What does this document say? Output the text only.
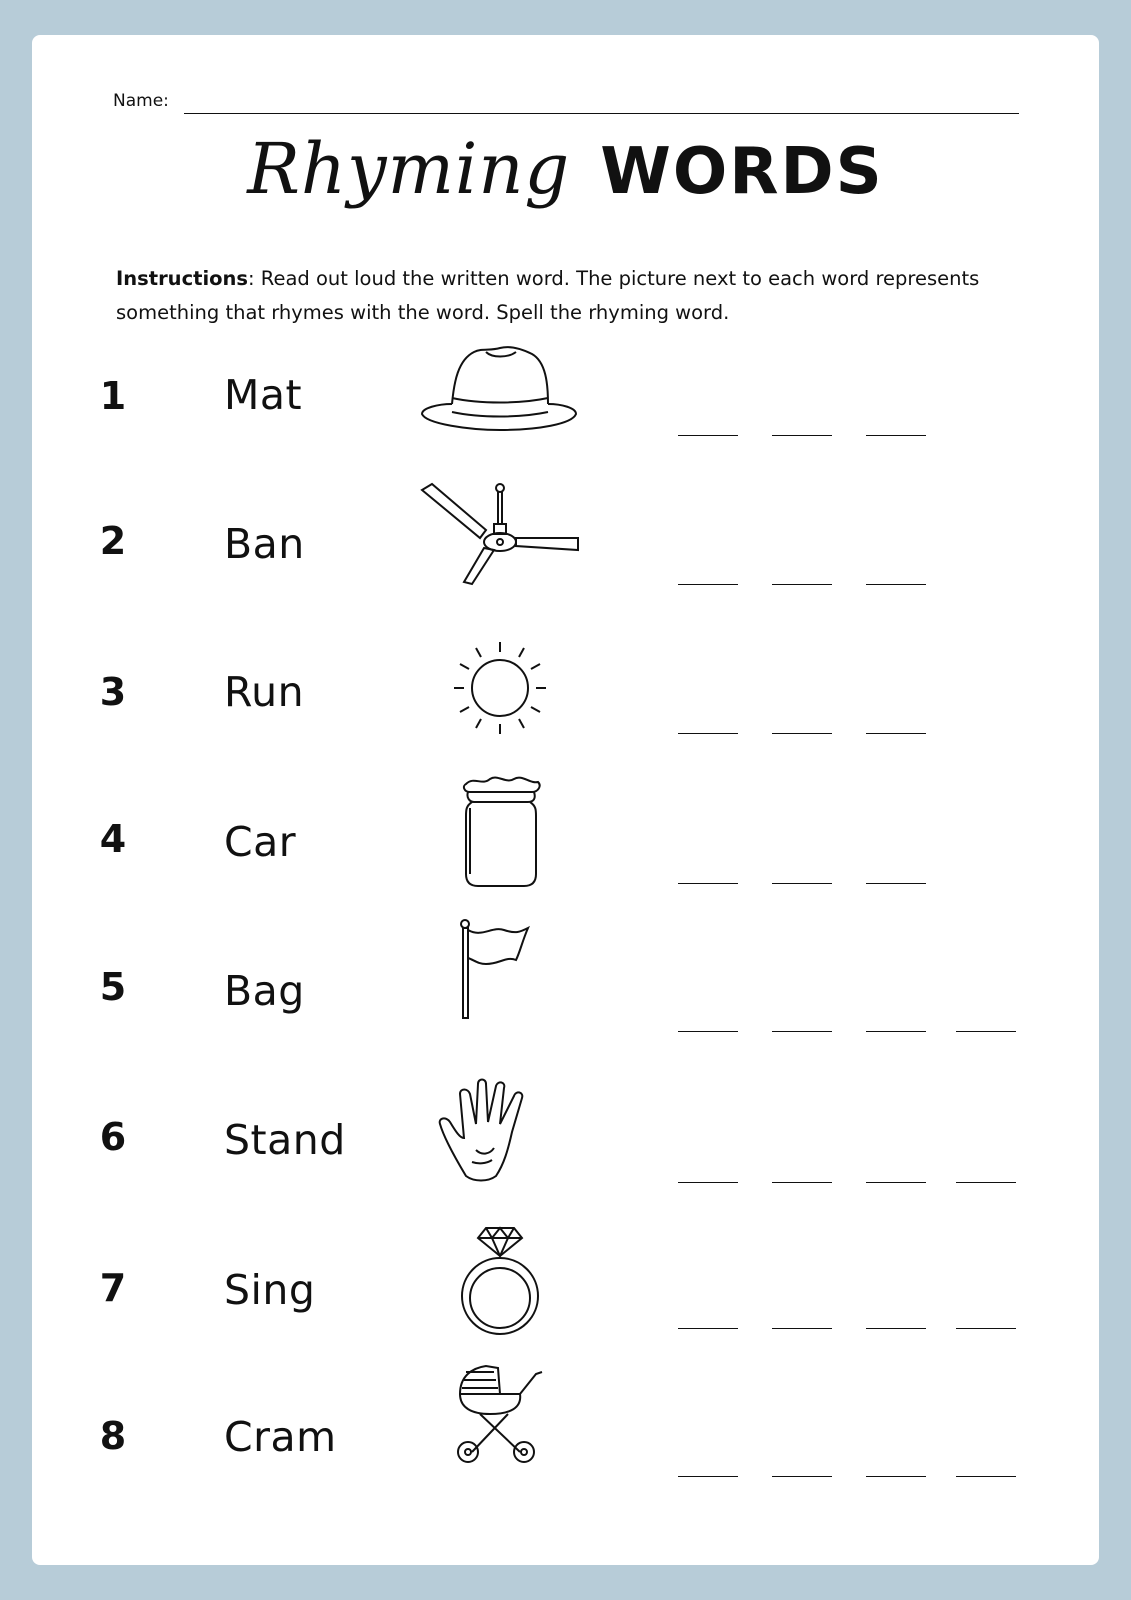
Name:
Rhyming WORDS
Instructions: Read out loud the written word. The picture next to each word represents something that rhymes with the word. Spell the rhyming word.
1 Mat
2 Ban
3 Run
4 Car
5 Bag
6 Stand
7 Sing
8 Cram
